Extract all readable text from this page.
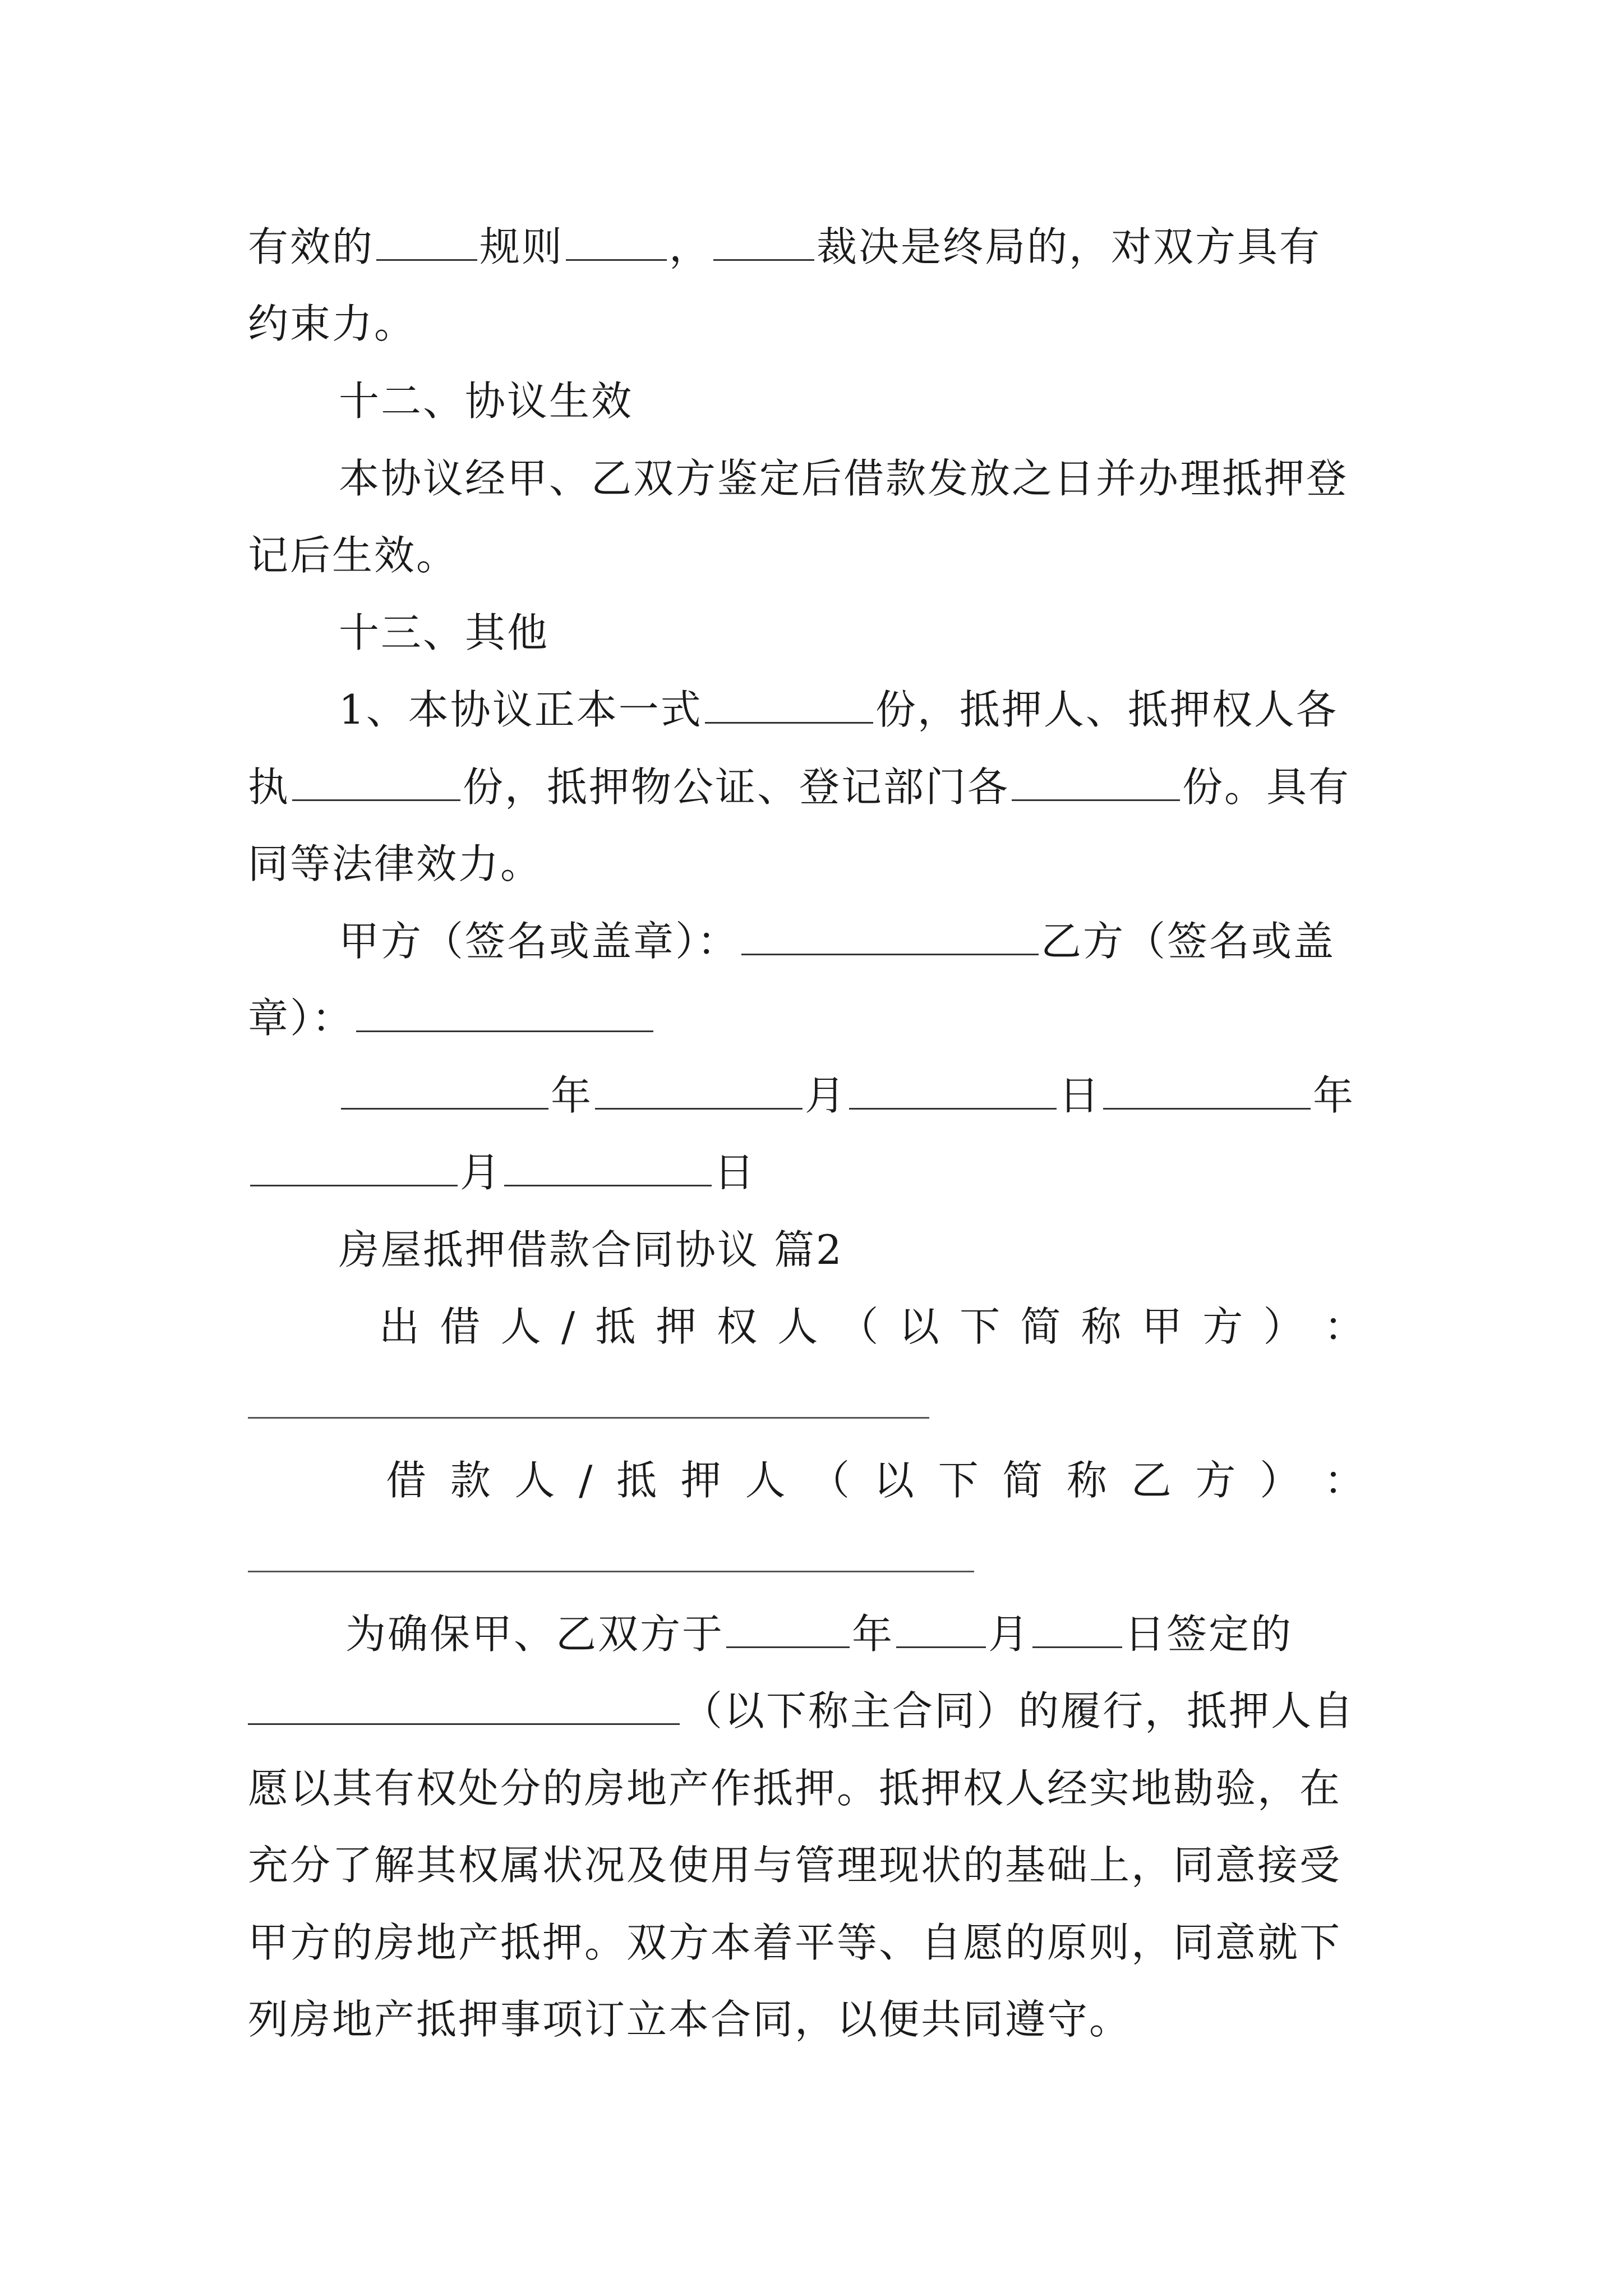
有效的	规则	，	裁决是终局的，对双方具有
约束力。
十二、协议生效
本协议经甲、乙双方鉴定后借款发放之日并办理抵押登
记后生效。
十三、其他
1、本协议正本一式	份，抵押人、抵押权人各
执	份，抵押物公证、登记部门各	份。具有
同等法律效力。
甲方（签名或盖章）：	乙方（签名或盖
章）：
年	月	日	年
月	日
房屋抵押借款合同协议 篇2
出 借 人 / 抵 押 权 人 （ 以 下 简 称 甲 方 ） ：
借 款 人 / 抵 押 人 （ 以 下 简 称 乙 方 ） ：
为确保甲、乙双方于	年 月 日签定的
（以下称主合同）的履行，抵押人自
愿以其有权处分的房地产作抵押。抵押权人经实地勘验，在
充分了解其权属状况及使用与管理现状的基础上，同意接受
甲方的房地产抵押。双方本着平等、自愿的原则，同意就下
列房地产抵押事项订立本合同，以便共同遵守。
